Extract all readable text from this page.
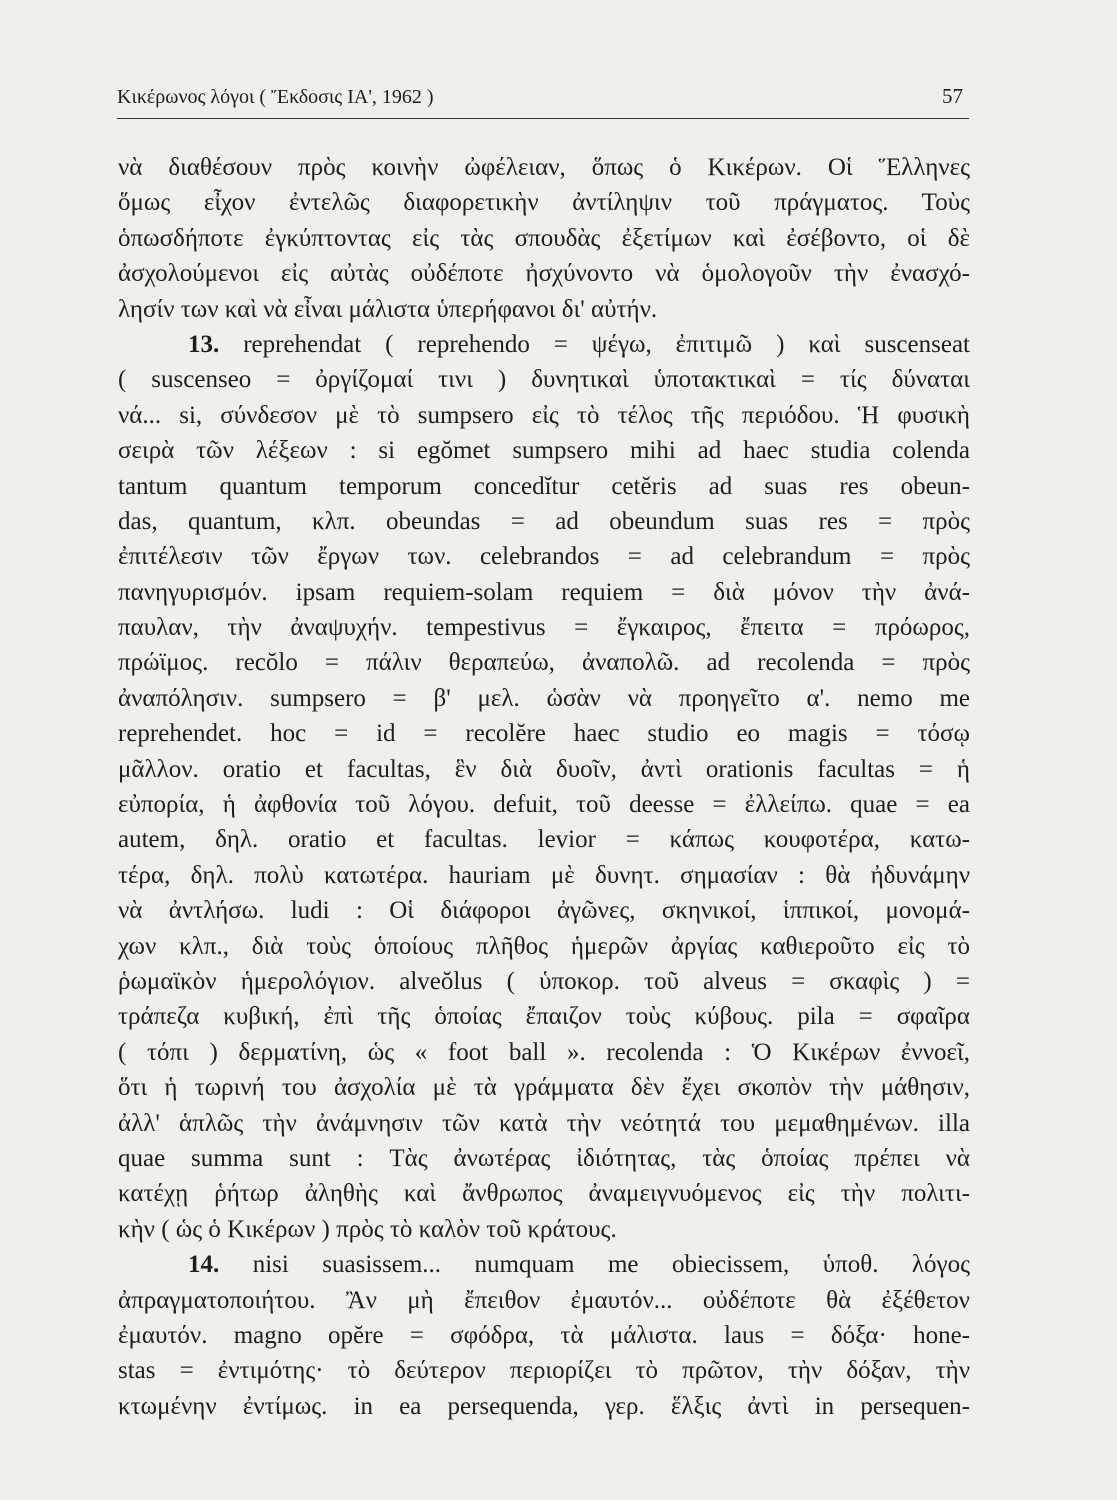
Κικέρωνος λόγοι ( Ἔκδοσις ΙΑ', 1962 )	57
νὰ διαθέσουν πρὸς κοινὴν ὠφέλειαν, ὅπως ὁ Κικέρων. Οἱ Ἕλληνες
ὅμως εἶχον ἐντελῶς διαφορετικὴν ἀντίληψιν τοῦ πράγματος. Τοὺς
ὁπωσδήποτε ἐγκύπτοντας εἰς τὰς σπουδὰς ἐξετίμων καὶ ἐσέβοντο, οἱ δὲ
ἀσχολούμενοι εἰς αὐτὰς οὐδέποτε ἠσχύνοντο νὰ ὁμολογοῦν τὴν ἐνασχό-
λησίν των καὶ νὰ εἶναι μάλιστα ὑπερήφανοι δι' αὐτήν.
13. reprehendat ( reprehendo = ψέγω, ἐπιτιμῶ ) καὶ suscenseat
( suscenseo = ὀργίζομαί τινι ) δυνητικαὶ ὑποτακτικαὶ = τίς δύναται
νά... si, σύνδεσον μὲ τὸ sumpsero εἰς τὸ τέλος τῆς περιόδου. Ἡ φυσικὴ
σειρὰ τῶν λέξεων : si egŏmet sumpsero mihi ad haec studia colenda
tantum quantum temporum concedĭtur cetĕris ad suas res obeun-
das, quantum, κλπ. obeundas = ad obeundum suas res = πρὸς
ἐπιτέλεσιν τῶν ἔργων των. celebrandos = ad celebrandum = πρὸς
πανηγυρισμόν. ipsam requiem-solam requiem = διὰ μόνον τὴν ἀνά-
παυλαν, τὴν ἀναψυχήν. tempestivus = ἔγκαιρος, ἔπειτα = πρόωρος,
πρώϊμος. recŏlo = πάλιν θεραπεύω, ἀναπολῶ. ad recolenda = πρὸς
ἀναπόλησιν. sumpsero = β' μελ. ὡσὰν νὰ προηγεῖτο α'. nemo me
reprehendet. hoc = id = recolĕre haec studio eo magis = τόσῳ
μᾶλλον. oratio et facultas, ἓν διὰ δυοῖν, ἀντὶ orationis facultas = ἡ
εὐπορία, ἡ ἀφθονία τοῦ λόγου. defuit, τοῦ deesse = ἐλλείπω. quae = ea
autem, δηλ. oratio et facultas. levior = κάπως κουφοτέρα, κατω-
τέρα, δηλ. πολὺ κατωτέρα. hauriam μὲ δυνητ. σημασίαν : θὰ ἠδυνάμην
νὰ ἀντλήσω. ludi : Οἱ διάφοροι ἀγῶνες, σκηνικοί, ἱππικοί, μονομά-
χων κλπ., διὰ τοὺς ὁποίους πλῆθος ἡμερῶν ἀργίας καθιεροῦτο εἰς τὸ
ῥωμαϊκὸν ἡμερολόγιον. alveŏlus ( ὑποκορ. τοῦ alveus = σκαφὶς ) =
τράπεζα κυβική, ἐπὶ τῆς ὁποίας ἔπαιζον τοὺς κύβους. pila = σφαῖρα
( τόπι ) δερματίνη, ὡς « foot ball ». recolenda : Ὁ Κικέρων ἐννοεῖ,
ὅτι ἡ τωρινή του ἀσχολία μὲ τὰ γράμματα δὲν ἔχει σκοπὸν τὴν μάθησιν,
ἀλλ' ἁπλῶς τὴν ἀνάμνησιν τῶν κατὰ τὴν νεότητά του μεμαθημένων. illa
quae summa sunt : Τὰς ἀνωτέρας ἰδιότητας, τὰς ὁποίας πρέπει νὰ
κατέχῃ ῥήτωρ ἀληθὴς καὶ ἄνθρωπος ἀναμειγνυόμενος εἰς τὴν πολιτι-
κὴν ( ὡς ὁ Κικέρων ) πρὸς τὸ καλὸν τοῦ κράτους.
14. nisi suasissem... numquam me obiecissem, ὑποθ. λόγος
ἀπραγματοποιήτου. Ἂν μὴ ἔπειθον ἐμαυτόν... οὐδέποτε θὰ ἐξέθετον
ἐμαυτόν. magno opĕre = σφόδρα, τὰ μάλιστα. laus = δόξα· hone-
stas = ἐντιμότης· τὸ δεύτερον περιορίζει τὸ πρῶτον, τὴν δόξαν, τὴν
κτωμένην ἐντίμως. in ea persequenda, γερ. ἕλξις ἀντὶ in persequen-
